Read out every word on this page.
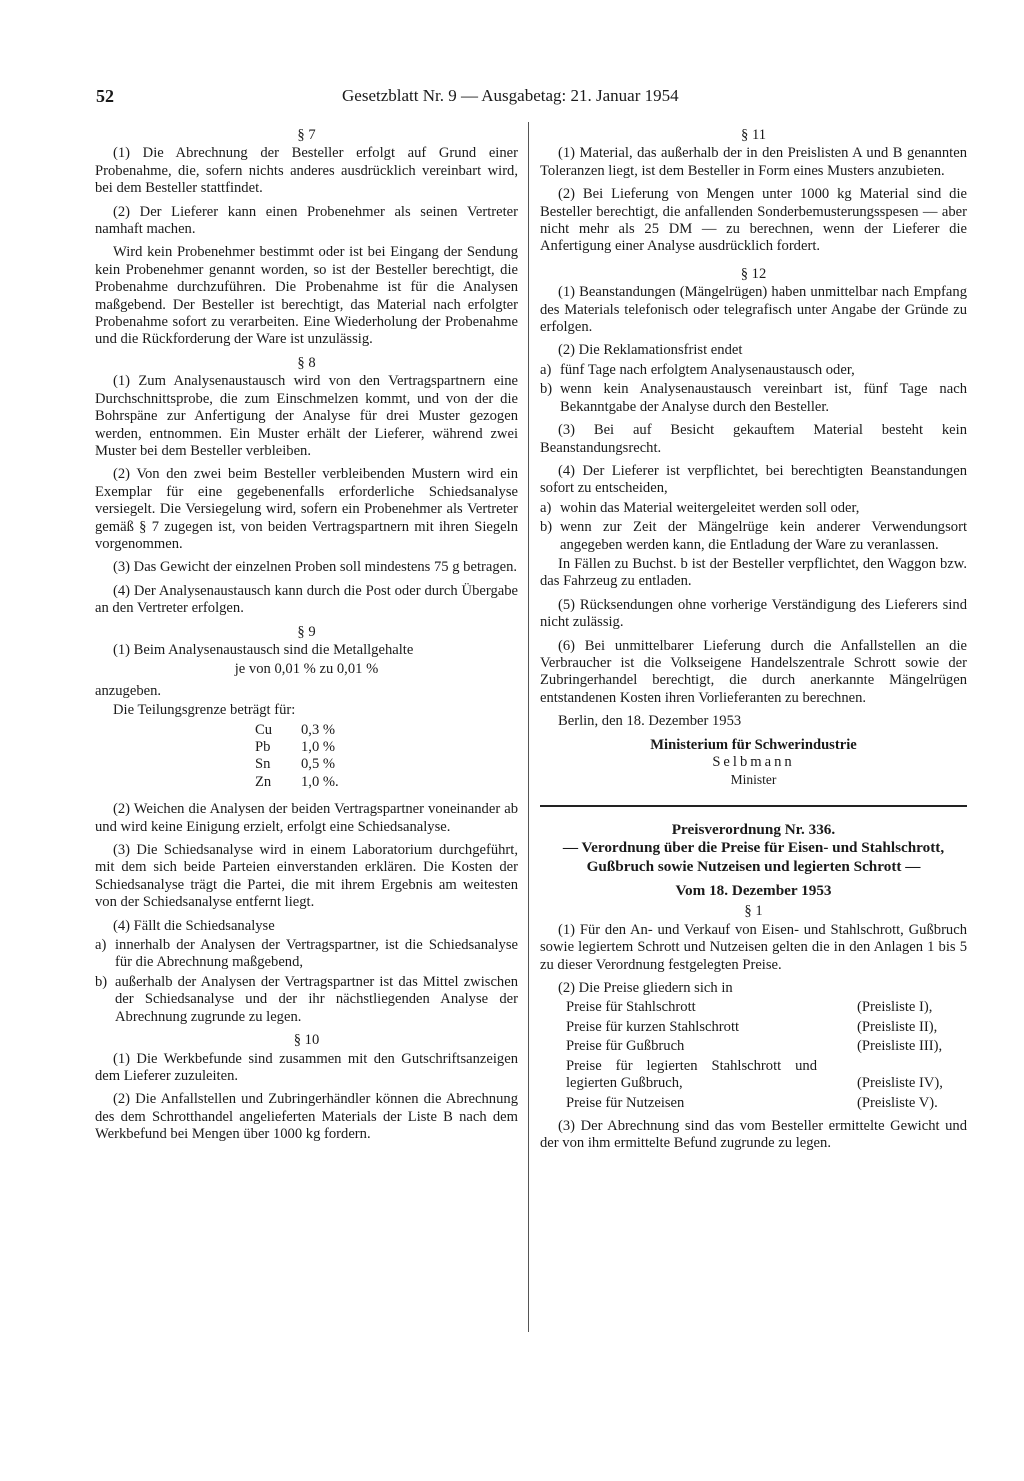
52	Gesetzblatt Nr. 9 — Ausgabetag: 21. Januar 1954
§ 7

(1) Die Abrechnung der Besteller erfolgt auf Grund einer Probenahme, die, sofern nichts anderes ausdrücklich vereinbart wird, bei dem Besteller stattfindet.

(2) Der Lieferer kann einen Probenehmer als seinen Vertreter namhaft machen.

Wird kein Probenehmer bestimmt oder ist bei Eingang der Sendung kein Probenehmer genannt worden, so ist der Besteller berechtigt, die Probenahme durchzuführen. Die Probenahme ist für die Analysen maßgebend. Der Besteller ist berechtigt, das Material nach erfolgter Probenahme sofort zu verarbeiten. Eine Wiederholung der Probenahme und die Rückforderung der Ware ist unzulässig.

§ 8

(1) Zum Analysenaustausch wird von den Vertragspartnern eine Durchschnittsprobe, die zum Einschmelzen kommt, und von der die Bohrspäne zur Anfertigung der Analyse für drei Muster gezogen werden, entnommen. Ein Muster erhält der Lieferer, während zwei Muster bei dem Besteller verbleiben.

(2) Von den zwei beim Besteller verbleibenden Mustern wird ein Exemplar für eine gegebenenfalls erforderliche Schiedsanalyse versiegelt. Die Versiegelung wird, sofern ein Probenehmer als Vertreter gemäß § 7 zugegen ist, von beiden Vertragspartnern mit ihren Siegeln vorgenommen.

(3) Das Gewicht der einzelnen Proben soll mindestens 75 g betragen.

(4) Der Analysenaustausch kann durch die Post oder durch Übergabe an den Vertreter erfolgen.

§ 9

(1) Beim Analysenaustausch sind die Metallgehalte

je von 0,01 % zu 0,01 %

anzugeben.

Die Teilungsgrenze beträgt für:

Cu	0,3 %
Pb	1,0 %
Sn	0,5 %
Zn	1,0 %.

(2) Weichen die Analysen der beiden Vertragspartner voneinander ab und wird keine Einigung erzielt, erfolgt eine Schiedsanalyse.

(3) Die Schiedsanalyse wird in einem Laboratorium durchgeführt, mit dem sich beide Parteien einverstanden erklären. Die Kosten der Schiedsanalyse trägt die Partei, die mit ihrem Ergebnis am weitesten von der Schiedsanalyse entfernt liegt.

(4) Fällt die Schiedsanalyse

a) innerhalb der Analysen der Vertragspartner, ist die Schiedsanalyse für die Abrechnung maßgebend,
b) außerhalb der Analysen der Vertragspartner ist das Mittel zwischen der Schiedsanalyse und der ihr nächstliegenden Analyse der Abrechnung zugrunde zu legen.
§ 10

(1) Die Werkbefunde sind zusammen mit den Gutschriftsanzeigen dem Lieferer zuzuleiten.

(2) Die Anfallstellen und Zubringerhändler können die Abrechnung des dem Schrotthandel angelieferten Materials der Liste B nach dem Werkbefund bei Mengen über 1000 kg fordern.

§ 11

(1) Material, das außerhalb der in den Preislisten A und B genannten Toleranzen liegt, ist dem Besteller in Form eines Musters anzubieten.

(2) Bei Lieferung von Mengen unter 1000 kg Material sind die Besteller berechtigt, die anfallenden Sonderbemusterungsspesen — aber nicht mehr als 25 DM — zu berechnen, wenn der Lieferer die Anfertigung einer Analyse ausdrücklich fordert.

§ 12

(1) Beanstandungen (Mängelrügen) haben unmittelbar nach Empfang des Materials telefonisch oder telegrafisch unter Angabe der Gründe zu erfolgen.

(2) Die Reklamationsfrist endet

a) fünf Tage nach erfolgtem Analysenaustausch oder,
b) wenn kein Analysenaustausch vereinbart ist, fünf Tage nach Bekanntgabe der Analyse durch den Besteller.

(3) Bei auf Besicht gekauftem Material besteht kein Beanstandungsrecht.

(4) Der Lieferer ist verpflichtet, bei berechtigten Beanstandungen sofort zu entscheiden,

a) wohin das Material weitergeleitet werden soll oder,
b) wenn zur Zeit der Mängelrüge kein anderer Verwendungsort angegeben werden kann, die Entladung der Ware zu veranlassen.

In Fällen zu Buchst. b ist der Besteller verpflichtet, den Waggon bzw. das Fahrzeug zu entladen.

(5) Rücksendungen ohne vorherige Verständigung des Lieferers sind nicht zulässig.

(6) Bei unmittelbarer Lieferung durch die Anfallstellen an die Verbraucher ist die Volkseigene Handelszentrale Schrott sowie der Zubringerhandel berechtigt, die durch anerkannte Mängelrügen entstandenen Kosten ihren Vorlieferanten zu berechnen.

Berlin, den 18. Dezember 1953

Ministerium für Schwerindustrie
Selbmann
Minister
Preisverordnung Nr. 336.
— Verordnung über die Preise für Eisen- und Stahlschrott, Gußbruch sowie Nutzeisen und legierten Schrott —
Vom 18. Dezember 1953
§ 1

(1) Für den An- und Verkauf von Eisen- und Stahlschrott, Gußbruch sowie legiertem Schrott und Nutzeisen gelten die in den Anlagen 1 bis 5 zu dieser Verordnung festgelegten Preise.

(2) Die Preise gliedern sich in

Preise für Stahlschrott	(Preisliste I),
Preise für kurzen Stahlschrott	(Preisliste II),
Preise für Gußbruch	(Preisliste III),
Preise für legierten Stahlschrott und legierten Gußbruch,	(Preisliste IV),
Preise für Nutzeisen	(Preisliste V).

(3) Der Abrechnung sind das vom Besteller ermittelte Gewicht und der von ihm ermittelte Befund zugrunde zu legen.
